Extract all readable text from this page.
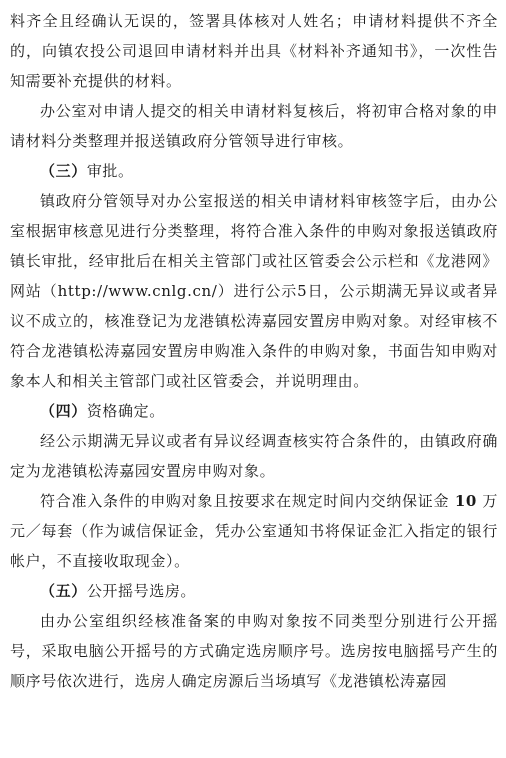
料齐全且经确认无误的，签署具体核对人姓名；申请材料提供不齐全的，向镇农投公司退回申请材料并出具《材料补齐通知书》，一次性告知需要补充提供的材料。

办公室对申请人提交的相关申请材料复核后，将初审合格对象的申请材料分类整理并报送镇政府分管领导进行审核。

（三）审批。

镇政府分管领导对办公室报送的相关申请材料审核签字后，由办公室根据审核意见进行分类整理，将符合准入条件的申购对象报送镇政府镇长审批，经审批后在相关主管部门或社区管委会公示栏和《龙港网》网站（http://www.cnlg.cn/）进行公示5日，公示期满无异议或者异议不成立的，核准登记为龙港镇松涛嘉园安置房申购对象。对经审核不符合龙港镇松涛嘉园安置房申购准入条件的申购对象，书面告知申购对象本人和相关主管部门或社区管委会，并说明理由。

（四）资格确定。

经公示期满无异议或者有异议经调查核实符合条件的，由镇政府确定为龙港镇松涛嘉园安置房申购对象。

符合准入条件的申购对象且按要求在规定时间内交纳保证金 10 万元／每套（作为诚信保证金，凭办公室通知书将保证金汇入指定的银行帐户，不直接收取现金）。

（五）公开摇号选房。

由办公室组织经核准备案的申购对象按不同类型分别进行公开摇号，采取电脑公开摇号的方式确定选房顺序号。选房按电脑摇号产生的顺序号依次进行，选房人确定房源后当场填写《龙港镇松涛嘉园
